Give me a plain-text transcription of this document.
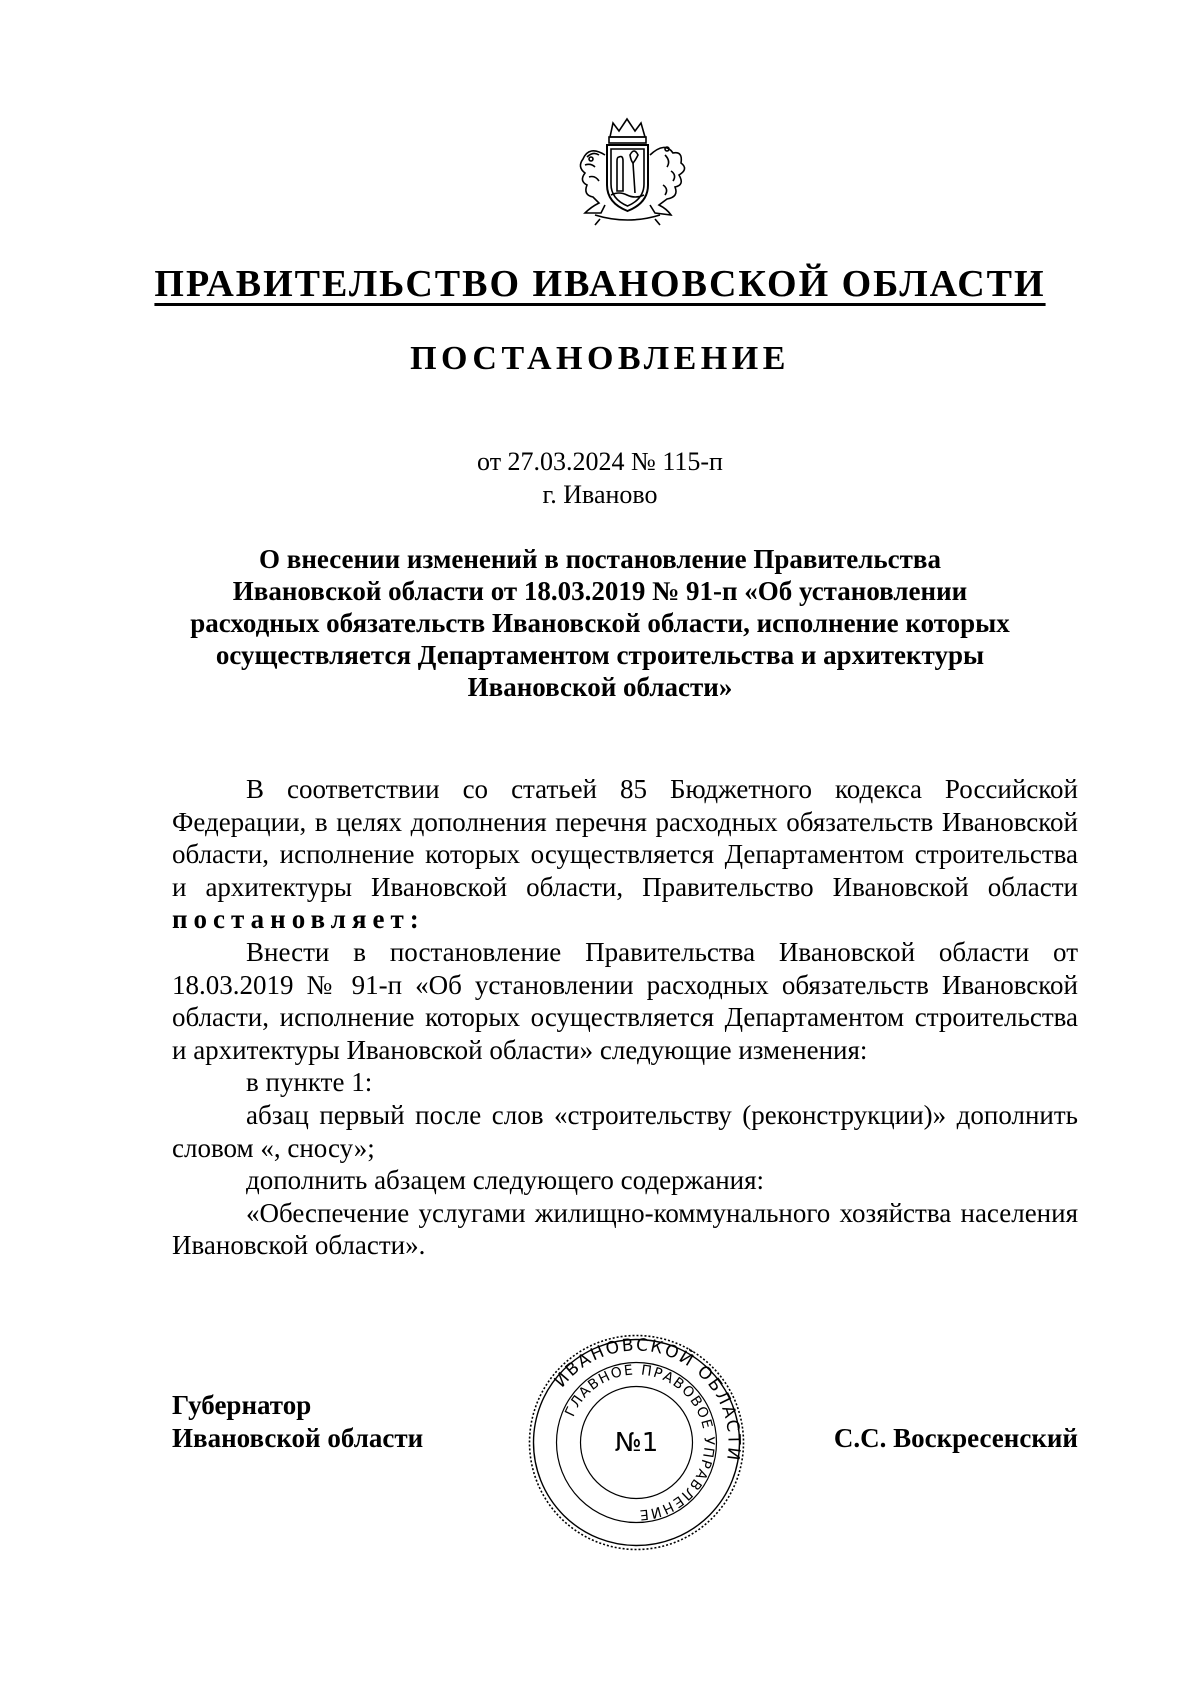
ПРАВИТЕЛЬСТВО ИВАНОВСКОЙ ОБЛАСТИ
ПОСТАНОВЛЕНИЕ
от 27.03.2024 № 115-п
г. Иваново
О внесении изменений в постановление Правительства
Ивановской области от 18.03.2019 № 91-п «Об установлении
расходных обязательств Ивановской области, исполнение которых
осуществляется Департаментом строительства и архитектуры
Ивановской области»

В соответствии со статьей 85 Бюджетного кодекса Российской Федерации, в целях дополнения перечня расходных обязательств Ивановской области, исполнение которых осуществляется Департаментом строительства и архитектуры Ивановской области, Правительство Ивановской области постановляет:

Внести в постановление Правительства Ивановской области от 18.03.2019 № 91-п «Об установлении расходных обязательств Ивановской области, исполнение которых осуществляется Департаментом строительства и архитектуры Ивановской области» следующие изменения:

в пункте 1:

абзац первый после слов «строительству (реконструкции)» дополнить словом «, сносу»;

дополнить абзацем следующего содержания:

«Обеспечение услугами жилищно-коммунального хозяйства населения Ивановской области».

Губернатор
Ивановской области	С.С. Воскресенский
ИВАНОВСКОЙ ОБЛАСТИ
ГЛАВНОЕ ПРАВОВОЕ УПРАВЛЕНИЕ
№1
